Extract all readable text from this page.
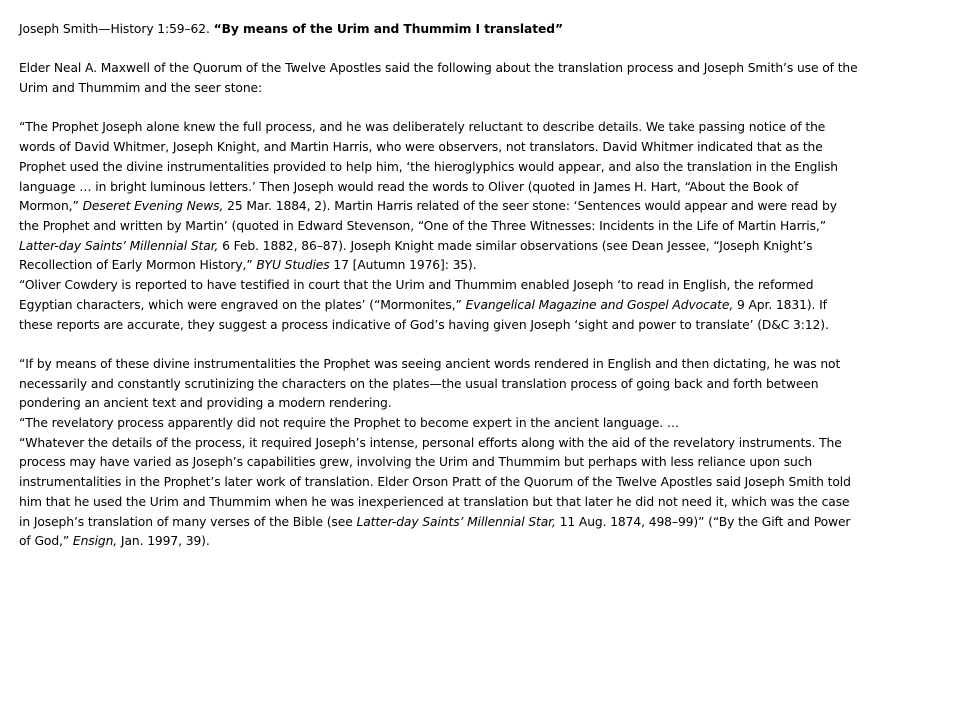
Joseph Smith—History 1:59–62. “By means of the Urim and Thummim I translated”

Elder Neal A. Maxwell of the Quorum of the Twelve Apostles said the following about the translation process and Joseph Smith’s use of the Urim and Thummim and the seer stone:

“The Prophet Joseph alone knew the full process, and he was deliberately reluctant to describe details. We take passing notice of the words of David Whitmer, Joseph Knight, and Martin Harris, who were observers, not translators. David Whitmer indicated that as the Prophet used the divine instrumentalities provided to help him, ‘the hieroglyphics would appear, and also the translation in the English language … in bright luminous letters.’ Then Joseph would read the words to Oliver (quoted in James H. Hart, “About the Book of Mormon,” Deseret Evening News, 25 Mar. 1884, 2). Martin Harris related of the seer stone: ‘Sentences would appear and were read by the Prophet and written by Martin’ (quoted in Edward Stevenson, “One of the Three Witnesses: Incidents in the Life of Martin Harris,” Latter-day Saints’ Millennial Star, 6 Feb. 1882, 86–87). Joseph Knight made similar observations (see Dean Jessee, “Joseph Knight’s Recollection of Early Mormon History,” BYU Studies 17 [Autumn 1976]: 35).

“Oliver Cowdery is reported to have testified in court that the Urim and Thummim enabled Joseph ‘to read in English, the reformed Egyptian characters, which were engraved on the plates’ (“Mormonites,” Evangelical Magazine and Gospel Advocate, 9 Apr. 1831). If these reports are accurate, they suggest a process indicative of God’s having given Joseph ‘sight and power to translate’ (D&C 3:12).

“If by means of these divine instrumentalities the Prophet was seeing ancient words rendered in English and then dictating, he was not necessarily and constantly scrutinizing the characters on the plates—the usual translation process of going back and forth between pondering an ancient text and providing a modern rendering.

“The revelatory process apparently did not require the Prophet to become expert in the ancient language. …

“Whatever the details of the process, it required Joseph’s intense, personal efforts along with the aid of the revelatory instruments. The process may have varied as Joseph’s capabilities grew, involving the Urim and Thummim but perhaps with less reliance upon such instrumentalities in the Prophet’s later work of translation. Elder Orson Pratt of the Quorum of the Twelve Apostles said Joseph Smith told him that he used the Urim and Thummim when he was inexperienced at translation but that later he did not need it, which was the case in Joseph’s translation of many verses of the Bible (see Latter-day Saints’ Millennial Star, 11 Aug. 1874, 498–99)” (“By the Gift and Power of God,” Ensign, Jan. 1997, 39).
